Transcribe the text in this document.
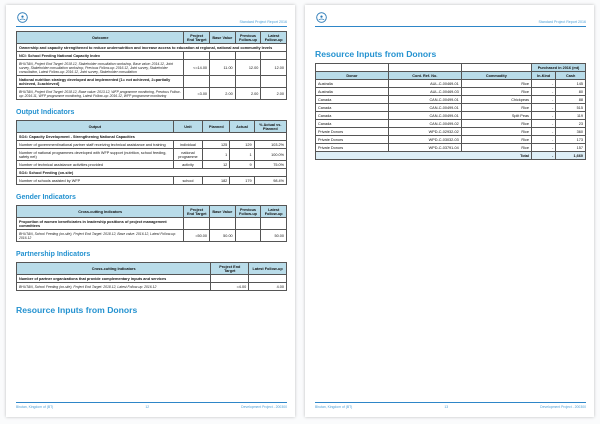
Standard Project Report 2016
Outcome	Project End Target	Base Value	Previous Follow-up	Latest Follow-up
Ownership and capacity strengthened to reduce undernutrition and increase access to education at regional, national and community levels				
NCI: School Feeding National Capacity Index				
BHUTAN, Project End Target: 2018.12, Stakeholder consultation workshop, Base value: 2014.12, Joint survey, Stakeholder consultation workshop, Previous Follow-up: 2016.12, Joint survey, Stakeholder consultation, Latest Follow-up: 2016.12, Joint survey, Stakeholder consultation	<=14.00	11.00	12.00	12.00
National nutrition strategy developed and implemented [1= not achieved, 2=partially achieved, 3=achieved]				
BHUTAN, Project End Target: 2018.12, Base value: 2013.12, WFP programme monitoring, Previous Follow-up: 2016.11, WFP programme monitoring, Latest Follow-up: 2016.12, WFP programme monitoring	=3.00	2.00	2.00	2.00
Output Indicators
Output	Unit	Planned	Actual	% Actual vs. Planned
SO4: Capacity Development - Strengthening National Capacities				
Number of government/national partner staff receiving technical assistance and training	individual	125	129	103.2%
Number of national programmes developed with WFP support (nutrition, school feeding, safety net)	national programme	1	1	100.0%
Number of technical assistance activities provided	activity	12	9	75.0%
SO4: School Feeding (on-site)				
Number of schools assisted by WFP	school	182	179	98.4%
Gender Indicators
Cross-cutting Indicators	Project End Target	Base Value	Previous Follow-up	Latest Follow-up
Proportion of women beneficiaries in leadership positions of project management committees				
BHUTAN, School Feeding (on-site), Project End Target: 2018.12, Base value: 2016.12, Latest Follow-up: 2016.12	=50.00	50.00		50.00
Partnership Indicators
Cross-cutting Indicators	Project End Target	Latest Follow-up
Number of partner organizations that provide complementary inputs and services		
BHUTAN, School Feeding (on-site), Project End Target: 2018.12, Latest Follow-up: 2016.12	=4.00	4.00
Resource Inputs from Donors
Bhutan, Kingdom of (BT)	12	Development Project - 200300
Standard Project Report 2016
Resource Inputs from Donors
			Purchased in 2016 (mt)	
Donor	Cont. Ref. No.	Commodity	In-Kind	Cash
Australia	AUL-C-00469-01	Rice	-	145
Australia	AUL-C-00469-03	Rice	-	80
Canada	CAN-C-00499-01	Chickpeas	-	88
Canada	CAN-C-00499-01	Rice	-	515
Canada	CAN-C-00499-01	Split Peas	-	119
Canada	CAN-C-00499-02	Rice	-	23
Private Donors	WPD-C-02932-02	Rice	-	360
Private Donors	WPD-C-03032-03	Rice	-	173
Private Donors	WPD-C-03791-04	Rice	-	157
Total			-	1,660
Bhutan, Kingdom of (BT)	13	Development Project - 200300
